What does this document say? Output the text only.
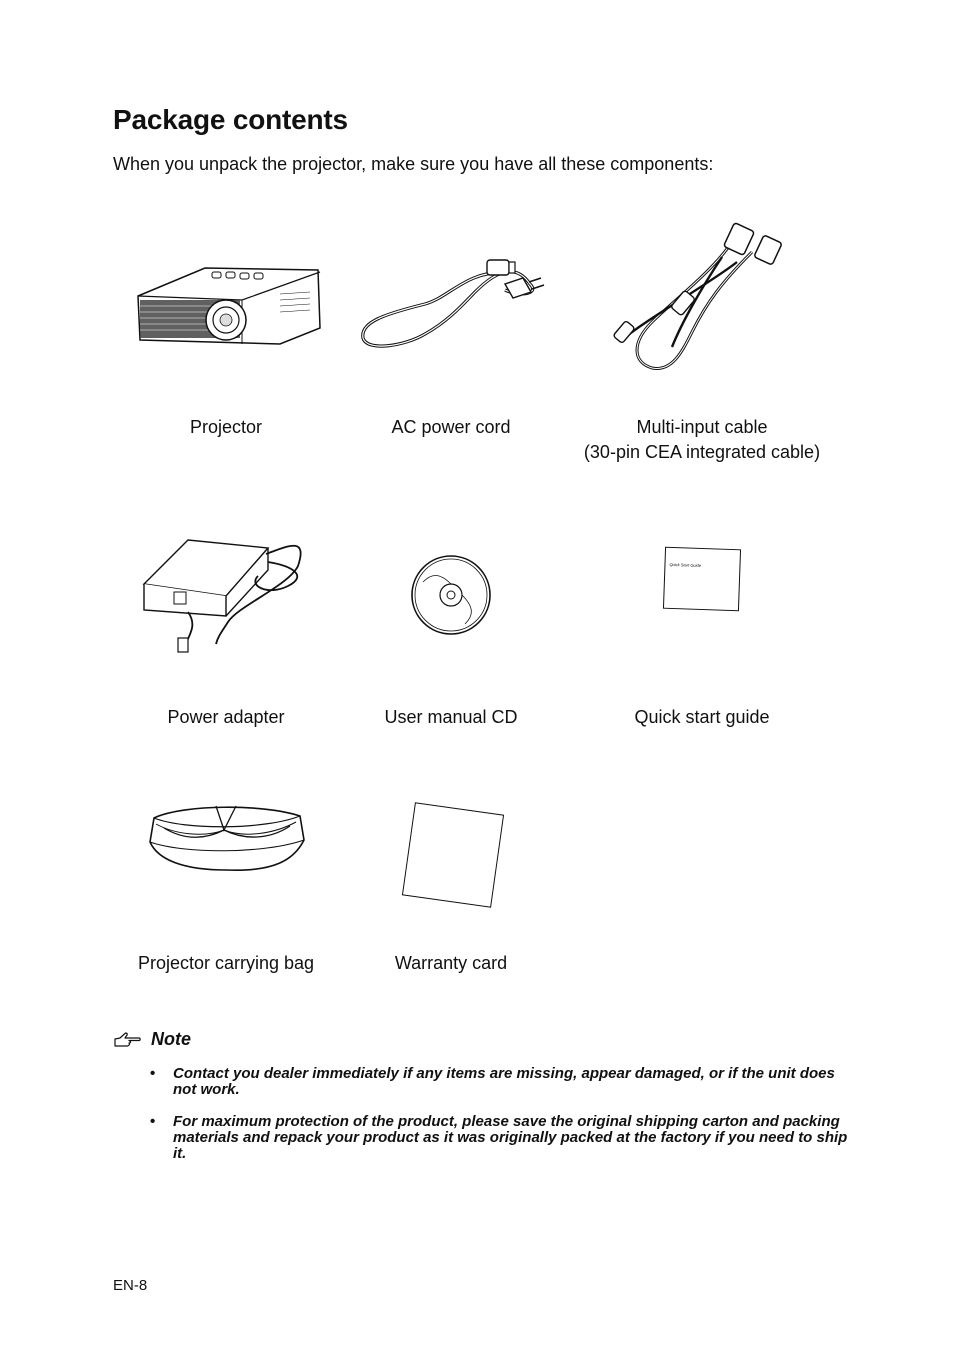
Package contents

When you unpack the projector, make sure you have all these components:

Projector	AC power cord	Multi-input cable
(30-pin CEA integrated cable)
Power adapter	User manual CD
Quick Start Guide
Quick start guide
Projector carrying bag	Warranty card
Note
• Contact you dealer immediately if any items are missing, appear damaged, or if the unit does not work.
• For maximum protection of the product, please save the original shipping carton and packing materials and repack your product as it was originally packed at the factory if you need to ship it.
EN-8
